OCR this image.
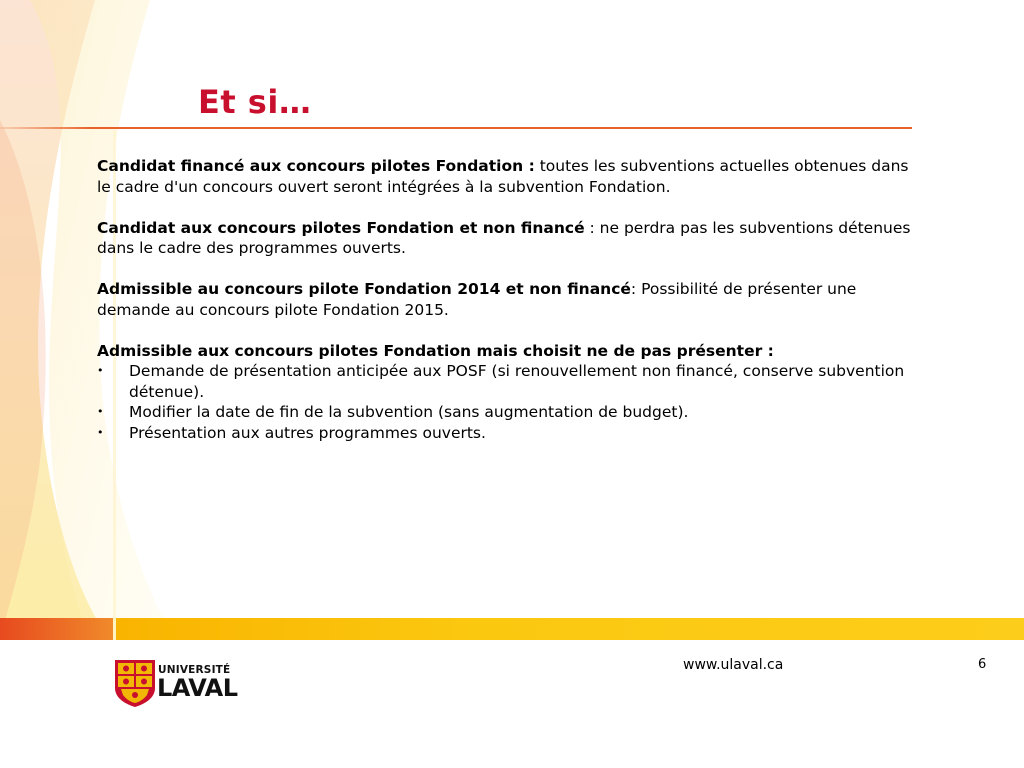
Et si…

Candidat financé aux concours pilotes Fondation : toutes les subventions actuelles obtenues dans le cadre d'un concours ouvert seront intégrées à la subvention Fondation.

Candidat aux concours pilotes Fondation et non financé : ne perdra pas les subventions détenues dans le cadre des programmes ouverts.

Admissible au concours pilote Fondation 2014 et non financé: Possibilité de présenter une demande au concours pilote Fondation 2015.

Admissible aux concours pilotes Fondation mais choisit ne de pas présenter :

• Demande de présentation anticipée aux POSF (si renouvellement non financé, conserve subvention détenue).
• Modifier la date de fin de la subvention (sans augmentation de budget).
• Présentation aux autres programmes ouverts.
UNIVERSITÉ
LAVAL
www.ulaval.ca	6
